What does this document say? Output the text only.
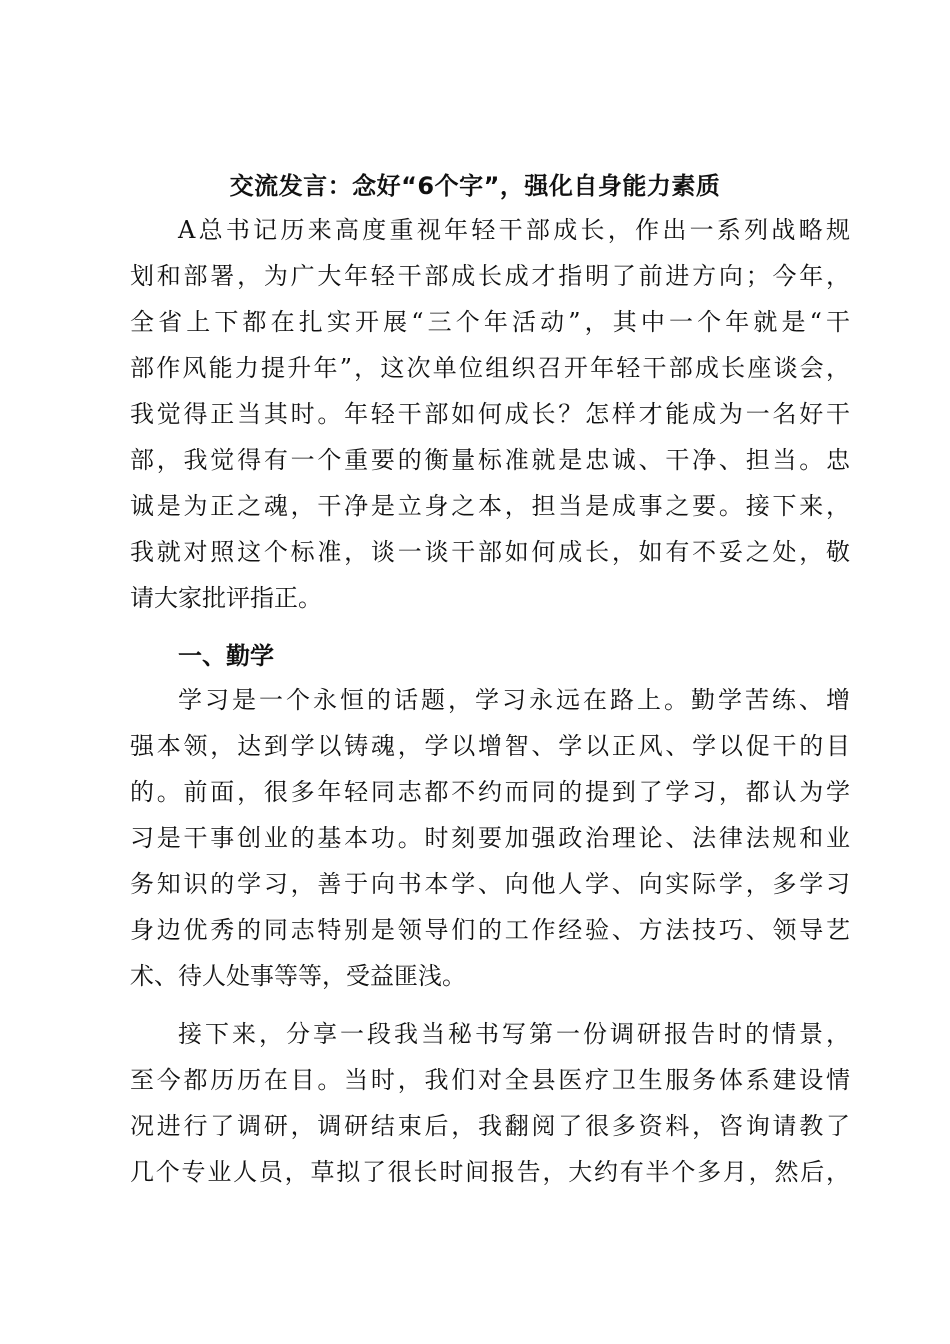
交流发言：念好“6个字”，强化自身能力素质
A总书记历来高度重视年轻干部成长，作出一系列战略规
划和部署，为广大年轻干部成长成才指明了前进方向；今年，
全省上下都在扎实开展“三个年活动”，其中一个年就是“干
部作风能力提升年”，这次单位组织召开年轻干部成长座谈会，
我觉得正当其时。年轻干部如何成长？怎样才能成为一名好干
部，我觉得有一个重要的衡量标准就是忠诚、干净、担当。忠
诚是为正之魂，干净是立身之本，担当是成事之要。接下来，
我就对照这个标准，谈一谈干部如何成长，如有不妥之处，敬
请大家批评指正。
一、勤学
学习是一个永恒的话题，学习永远在路上。勤学苦练、增
强本领，达到学以铸魂，学以增智、学以正风、学以促干的目
的。前面，很多年轻同志都不约而同的提到了学习，都认为学
习是干事创业的基本功。时刻要加强政治理论、法律法规和业
务知识的学习，善于向书本学、向他人学、向实际学，多学习
身边优秀的同志特别是领导们的工作经验、方法技巧、领导艺
术、待人处事等等，受益匪浅。
接下来，分享一段我当秘书写第一份调研报告时的情景，
至今都历历在目。当时，我们对全县医疗卫生服务体系建设情
况进行了调研，调研结束后，我翻阅了很多资料，咨询请教了
几个专业人员，草拟了很长时间报告，大约有半个多月，然后，
